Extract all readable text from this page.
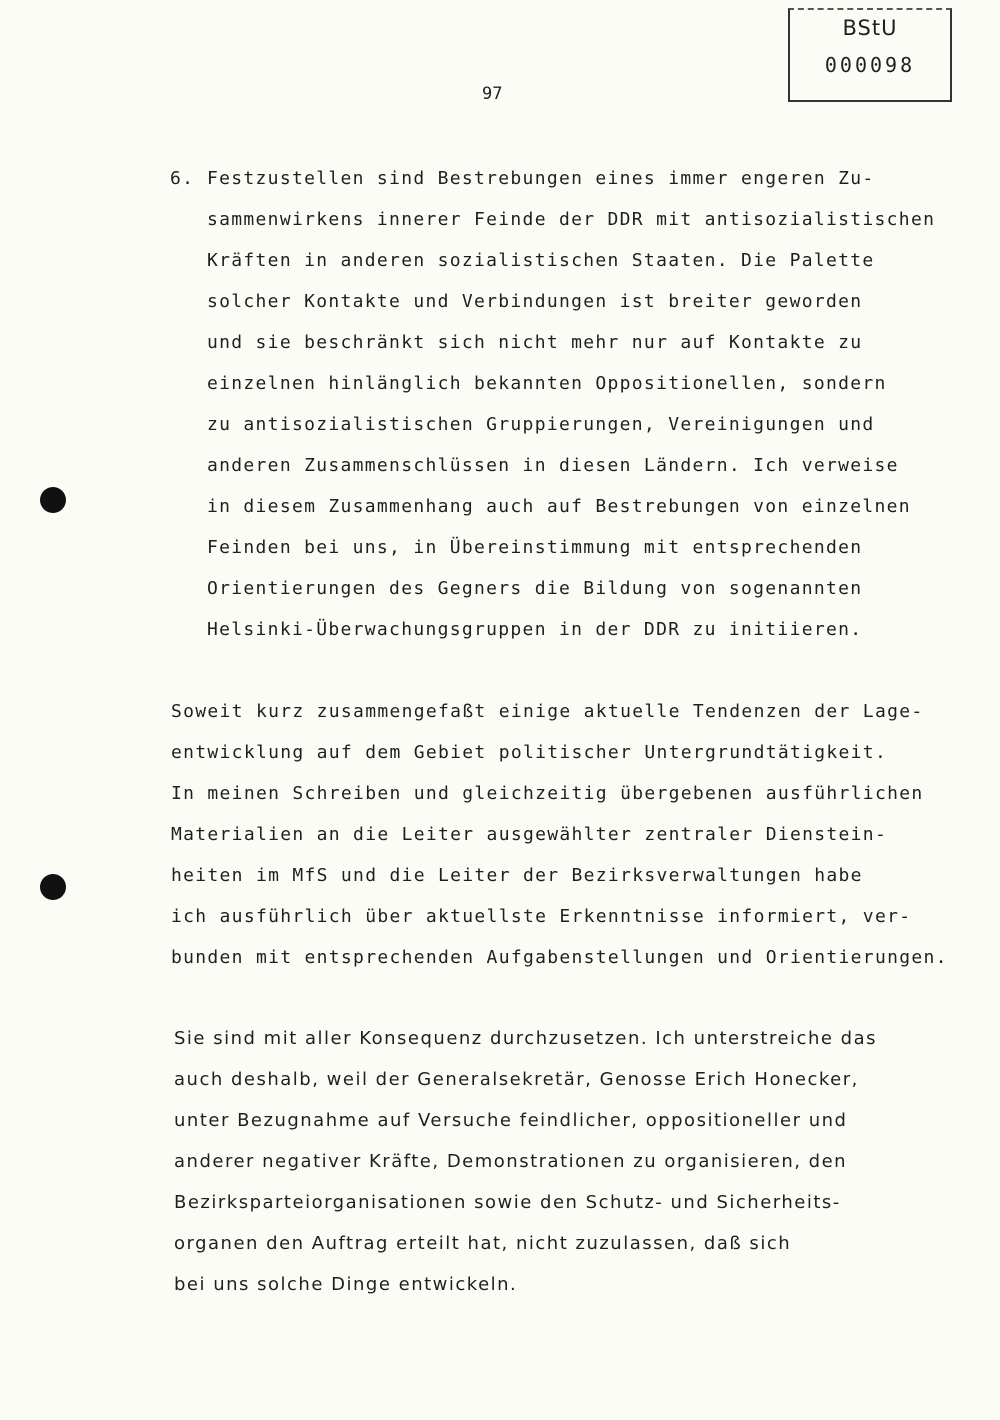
BStU
000098
97
6. Festzustellen sind Bestrebungen eines immer engeren Zu-
sammenwirkens innerer Feinde der DDR mit antisozialistischen
Kräften in anderen sozialistischen Staaten. Die Palette
solcher Kontakte und Verbindungen ist breiter geworden
und sie beschränkt sich nicht mehr nur auf Kontakte zu
einzelnen hinlänglich bekannten Oppositionellen, sondern
zu antisozialistischen Gruppierungen, Vereinigungen und
anderen Zusammenschlüssen in diesen Ländern. Ich verweise
in diesem Zusammenhang auch auf Bestrebungen von einzelnen
Feinden bei uns, in Übereinstimmung mit entsprechenden
Orientierungen des Gegners die Bildung von sogenannten
Helsinki-Überwachungsgruppen in der DDR zu initiieren.
Soweit kurz zusammengefaßt einige aktuelle Tendenzen der Lage-
entwicklung auf dem Gebiet politischer Untergrundtätigkeit.
In meinen Schreiben und gleichzeitig übergebenen ausführlichen
Materialien an die Leiter ausgewählter zentraler Dienstein-
heiten im MfS und die Leiter der Bezirksverwaltungen habe
ich ausführlich über aktuellste Erkenntnisse informiert, ver-
bunden mit entsprechenden Aufgabenstellungen und Orientierungen.
Sie sind mit aller Konsequenz durchzusetzen. Ich unterstreiche das
auch deshalb, weil der Generalsekretär, Genosse Erich Honecker,
unter Bezugnahme auf Versuche feindlicher, oppositioneller und
anderer negativer Kräfte, Demonstrationen zu organisieren, den
Bezirksparteiorganisationen sowie den Schutz- und Sicherheits-
organen den Auftrag erteilt hat, nicht zuzulassen, daß sich
bei uns solche Dinge entwickeln.
